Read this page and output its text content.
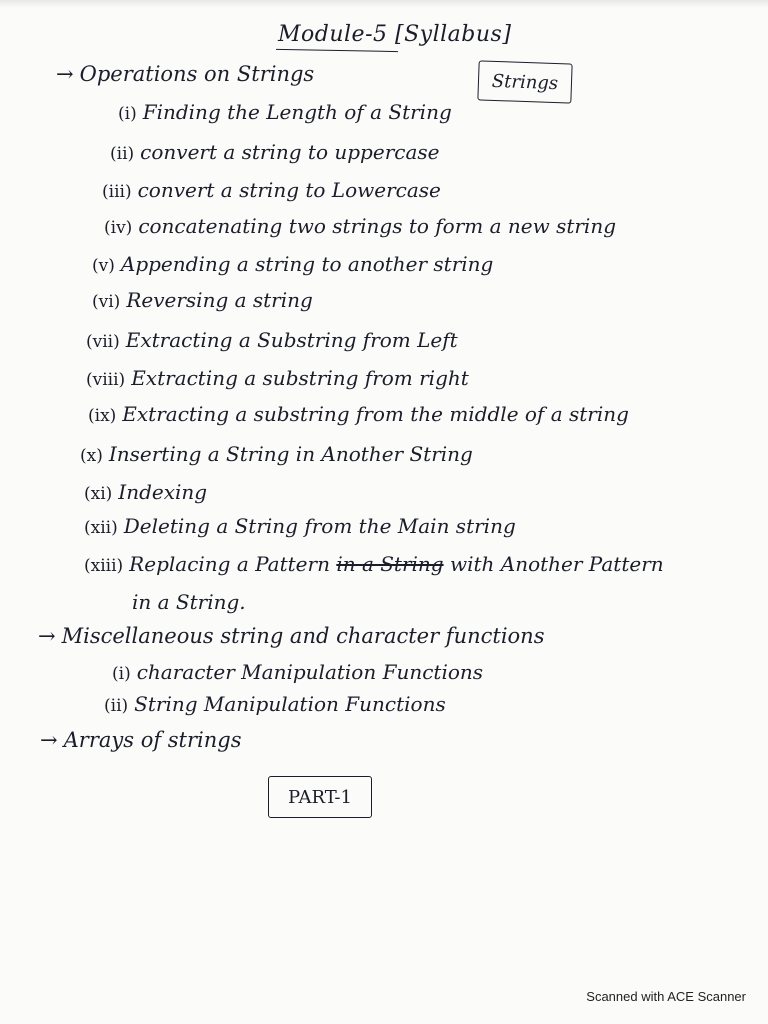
Module-5 [Syllabus]
Strings
→ Operations on Strings
(i) Finding the Length of a String
(ii) convert a string to uppercase
(iii) convert a string to Lowercase
(iv) concatenating two strings to form a new string
(v) Appending a string to another string
(vi) Reversing a string
(vii) Extracting a Substring from Left
(viii) Extracting a substring from right
(ix) Extracting a substring from the middle of a string
(x) Inserting a String in Another String
(xi) Indexing
(xii) Deleting a String from the Main string
(xiii) Replacing a Pattern in a String with Another Pattern
in a String.
→ Miscellaneous string and character functions
(i) character Manipulation Functions
(ii) String Manipulation Functions
→ Arrays of strings
PART-1
Scanned with ACE Scanner
